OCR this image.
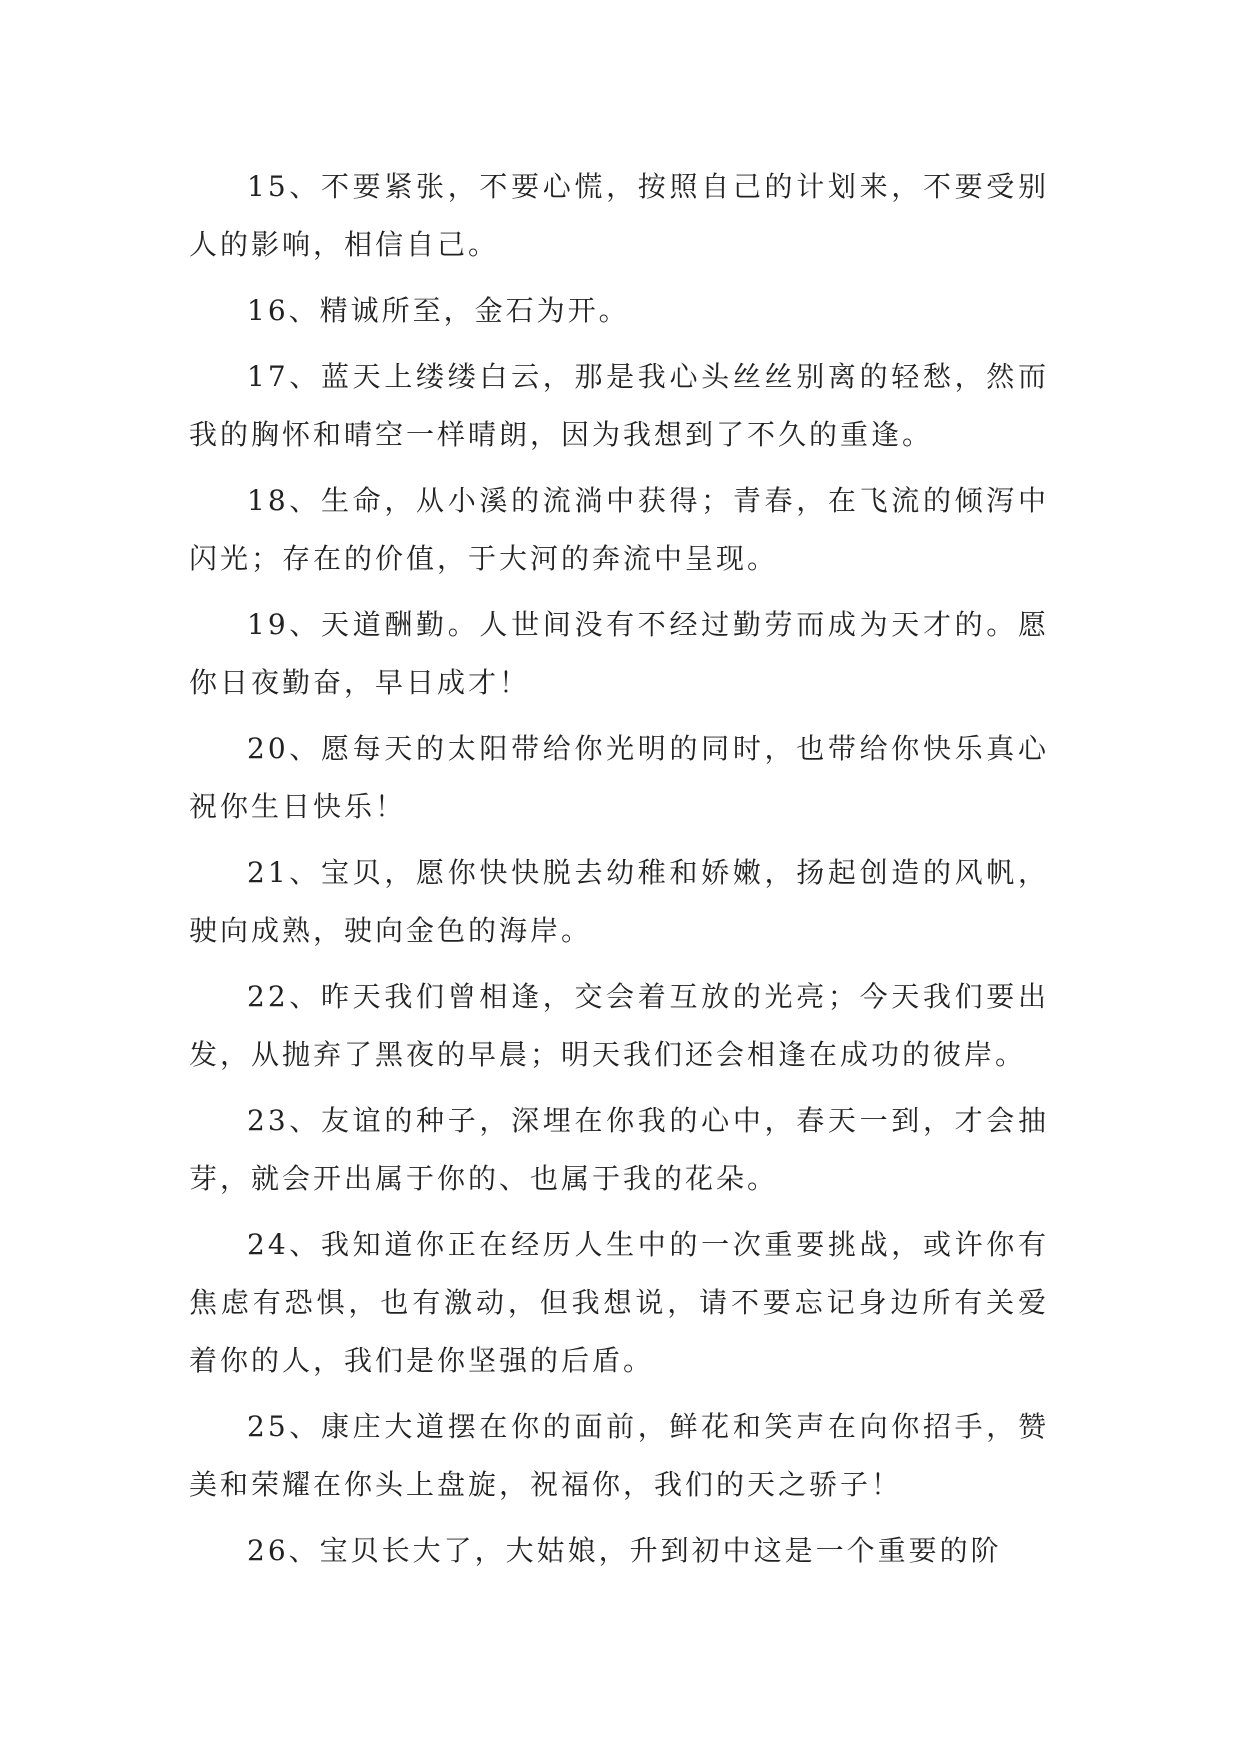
15、不要紧张，不要心慌，按照自己的计划来，不要受别人的影响，相信自己。

16、精诚所至，金石为开。

17、蓝天上缕缕白云，那是我心头丝丝别离的轻愁，然而我的胸怀和晴空一样晴朗，因为我想到了不久的重逢。

18、生命，从小溪的流淌中获得；青春，在飞流的倾泻中闪光；存在的价值，于大河的奔流中呈现。

19、天道酬勤。人世间没有不经过勤劳而成为天才的。愿你日夜勤奋，早日成才！

20、愿每天的太阳带给你光明的同时，也带给你快乐真心祝你生日快乐！

21、宝贝，愿你快快脱去幼稚和娇嫩，扬起创造的风帆，驶向成熟，驶向金色的海岸。

22、昨天我们曾相逢，交会着互放的光亮；今天我们要出发，从抛弃了黑夜的早晨；明天我们还会相逢在成功的彼岸。

23、友谊的种子，深埋在你我的心中，春天一到，才会抽芽，就会开出属于你的、也属于我的花朵。

24、我知道你正在经历人生中的一次重要挑战，或许你有焦虑有恐惧，也有激动，但我想说，请不要忘记身边所有关爱着你的人，我们是你坚强的后盾。

25、康庄大道摆在你的面前，鲜花和笑声在向你招手，赞美和荣耀在你头上盘旋，祝福你，我们的天之骄子！

26、宝贝长大了，大姑娘，升到初中这是一个重要的阶
